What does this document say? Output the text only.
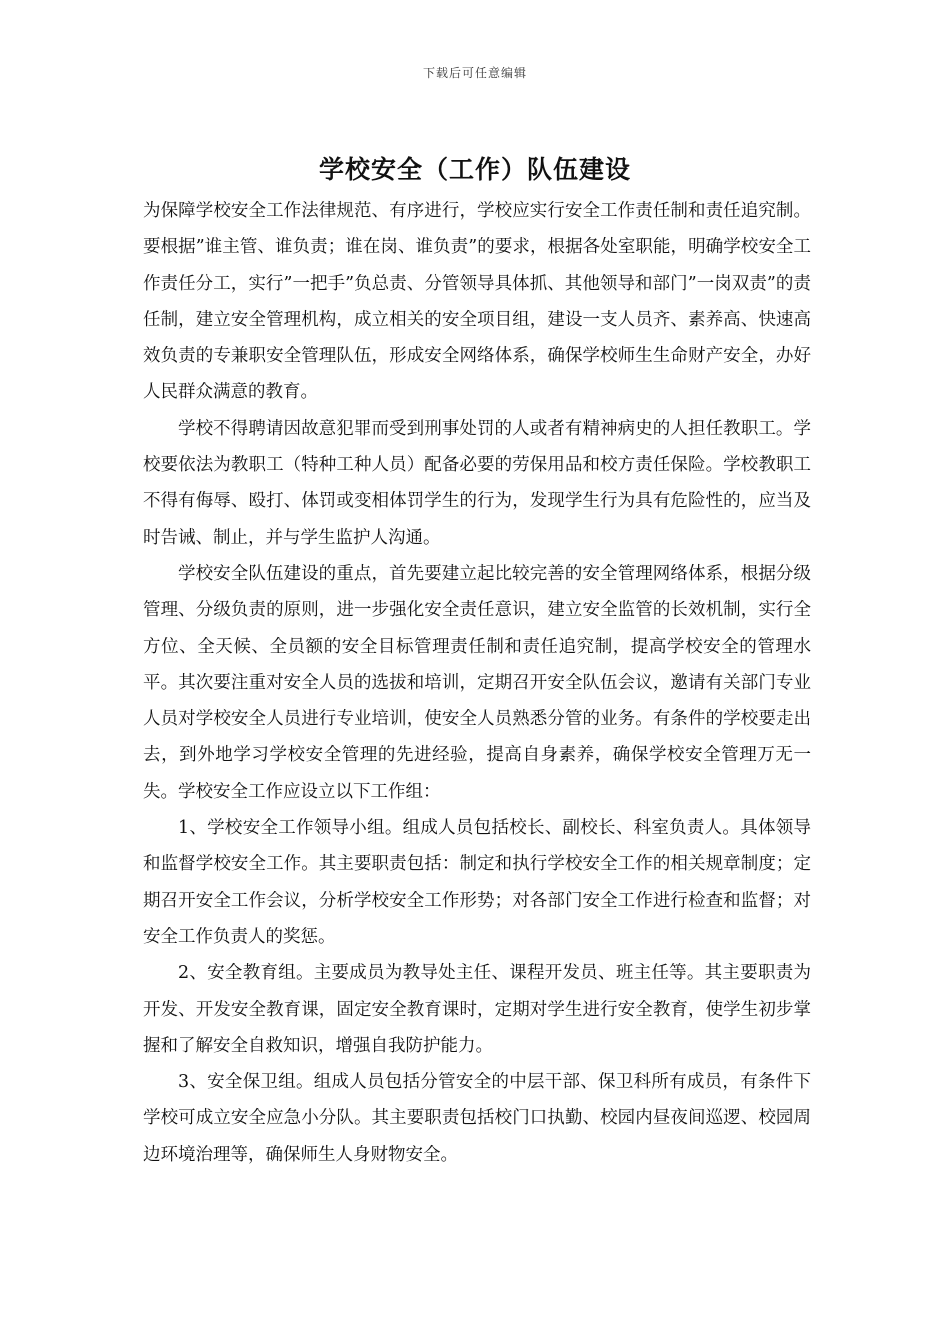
下载后可任意编辑
学校安全（工作）队伍建设

为保障学校安全工作法律规范、有序进行，学校应实行安全工作责任制和责任追究制。要根据”谁主管、谁负责；谁在岗、谁负责”的要求，根据各处室职能，明确学校安全工作责任分工，实行”一把手”负总责、分管领导具体抓、其他领导和部门”一岗双责”的责任制，建立安全管理机构，成立相关的安全项目组，建设一支人员齐、素养高、快速高效负责的专兼职安全管理队伍，形成安全网络体系，确保学校师生生命财产安全，办好人民群众满意的教育。

学校不得聘请因故意犯罪而受到刑事处罚的人或者有精神病史的人担任教职工。学校要依法为教职工（特种工种人员）配备必要的劳保用品和校方责任保险。学校教职工不得有侮辱、殴打、体罚或变相体罚学生的行为，发现学生行为具有危险性的，应当及时告诫、制止，并与学生监护人沟通。

学校安全队伍建设的重点，首先要建立起比较完善的安全管理网络体系，根据分级管理、分级负责的原则，进一步强化安全责任意识，建立安全监管的长效机制，实行全方位、全天候、全员额的安全目标管理责任制和责任追究制，提高学校安全的管理水平。其次要注重对安全人员的选拔和培训，定期召开安全队伍会议，邀请有关部门专业人员对学校安全人员进行专业培训，使安全人员熟悉分管的业务。有条件的学校要走出去，到外地学习学校安全管理的先进经验，提高自身素养，确保学校安全管理万无一失。学校安全工作应设立以下工作组：

1、学校安全工作领导小组。组成人员包括校长、副校长、科室负责人。具体领导和监督学校安全工作。其主要职责包括：制定和执行学校安全工作的相关规章制度；定期召开安全工作会议，分析学校安全工作形势；对各部门安全工作进行检查和监督；对安全工作负责人的奖惩。

2、安全教育组。主要成员为教导处主任、课程开发员、班主任等。其主要职责为开发、开发安全教育课，固定安全教育课时，定期对学生进行安全教育，使学生初步掌握和了解安全自救知识，增强自我防护能力。

3、安全保卫组。组成人员包括分管安全的中层干部、保卫科所有成员，有条件下学校可成立安全应急小分队。其主要职责包括校门口执勤、校园内昼夜间巡逻、校园周边环境治理等，确保师生人身财物安全。
